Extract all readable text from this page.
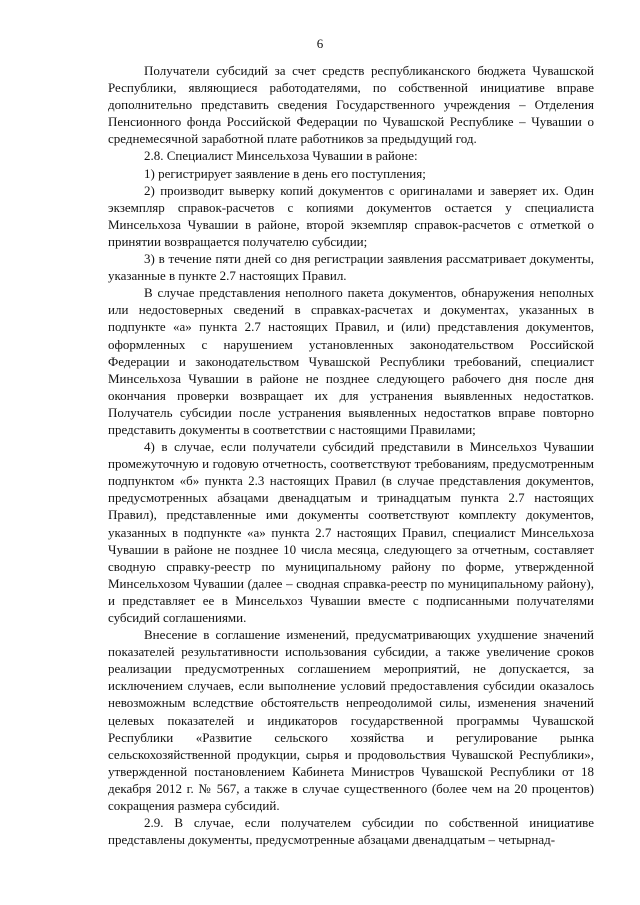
6

Получатели субсидий за счет средств республиканского бюджета Чувашской Республики, являющиеся работодателями, по собственной инициативе вправе дополнительно представить сведения Государственного учреждения – Отделения Пенсионного фонда Российской Федерации по Чувашской Республике – Чувашии о среднемесячной заработной плате работников за предыдущий год.

2.8. Специалист Минсельхоза Чувашии в районе:

1) регистрирует заявление в день его поступления;

2) производит выверку копий документов с оригиналами и заверяет их. Один экземпляр справок-расчетов с копиями документов остается у специалиста Минсельхоза Чувашии в районе, второй экземпляр справок-расчетов с отметкой о принятии возвращается получателю субсидии;

3) в течение пяти дней со дня регистрации заявления рассматривает документы, указанные в пункте 2.7 настоящих Правил.

В случае представления неполного пакета документов, обнаружения неполных или недостоверных сведений в справках-расчетах и документах, указанных в подпункте «а» пункта 2.7 настоящих Правил, и (или) представления документов, оформленных с нарушением установленных законодательством Российской Федерации и законодательством Чувашской Республики требований, специалист Минсельхоза Чувашии в районе не позднее следующего рабочего дня после дня окончания проверки возвращает их для устранения выявленных недостатков. Получатель субсидии после устранения выявленных недостатков вправе повторно представить документы в соответствии с настоящими Правилами;

4) в случае, если получатели субсидий представили в Минсельхоз Чувашии промежуточную и годовую отчетность, соответствуют требованиям, предусмотренным подпунктом «б» пункта 2.3 настоящих Правил (в случае представления документов, предусмотренных абзацами двенадцатым и тринадцатым пункта 2.7 настоящих Правил), представленные ими документы соответствуют комплекту документов, указанных в подпункте «а» пункта 2.7 настоящих Правил, специалист Минсельхоза Чувашии в районе не позднее 10 числа месяца, следующего за отчетным, составляет сводную справку-реестр по муниципальному району по форме, утвержденной Минсельхозом Чувашии (далее – сводная справка-реестр по муниципальному району), и представляет ее в Минсельхоз Чувашии вместе с подписанными получателями субсидий соглашениями.

Внесение в соглашение изменений, предусматривающих ухудшение значений показателей результативности использования субсидии, а также увеличение сроков реализации предусмотренных соглашением мероприятий, не допускается, за исключением случаев, если выполнение условий предоставления субсидии оказалось невозможным вследствие обстоятельств непреодолимой силы, изменения значений целевых показателей и индикаторов государственной программы Чувашской Республики «Развитие сельского хозяйства и регулирование рынка сельскохозяйственной продукции, сырья и продовольствия Чувашской Республики», утвержденной постановлением Кабинета Министров Чувашской Республики от 18 декабря 2012 г. № 567, а также в случае существенного (более чем на 20 процентов) сокращения размера субсидий.

2.9. В случае, если получателем субсидии по собственной инициативе представлены документы, предусмотренные абзацами двенадцатым – четырнад-
